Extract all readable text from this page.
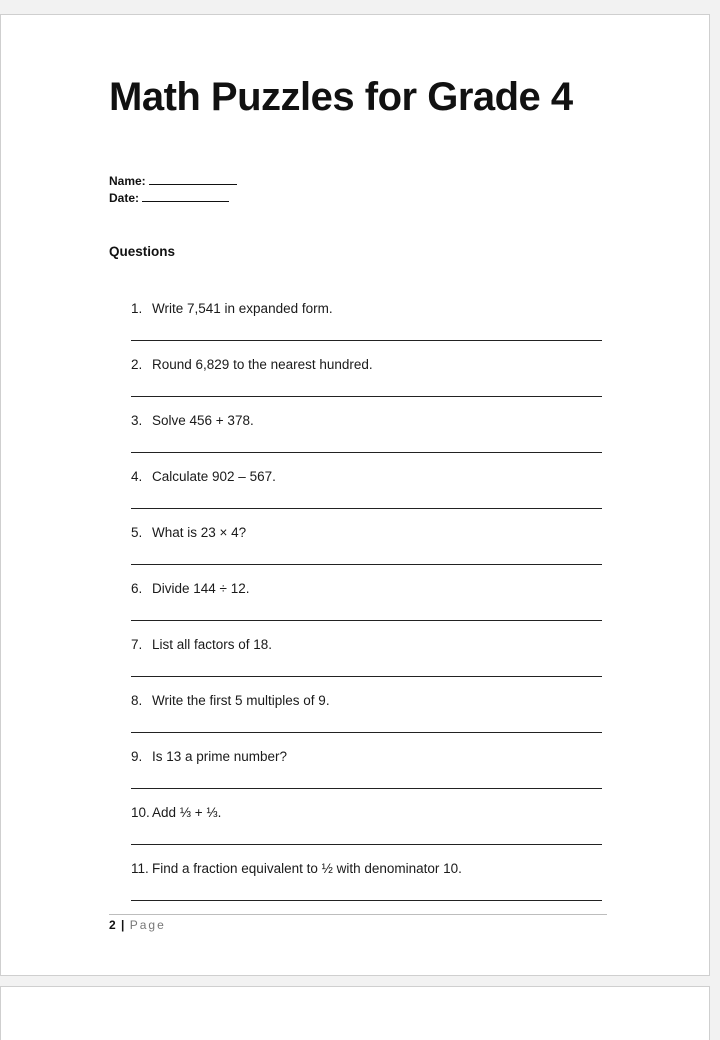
Math Puzzles for Grade 4
Name:
Date:
Questions
1. Write 7,541 in expanded form.
2. Round 6,829 to the nearest hundred.
3. Solve 456 + 378.
4. Calculate 902 – 567.
5. What is 23 × 4?
6. Divide 144 ÷ 12.
7. List all factors of 18.
8. Write the first 5 multiples of 9.
9. Is 13 a prime number?
10. Add ⅓ + ⅓.
11. Find a fraction equivalent to ½ with denominator 10.
2 | Page
